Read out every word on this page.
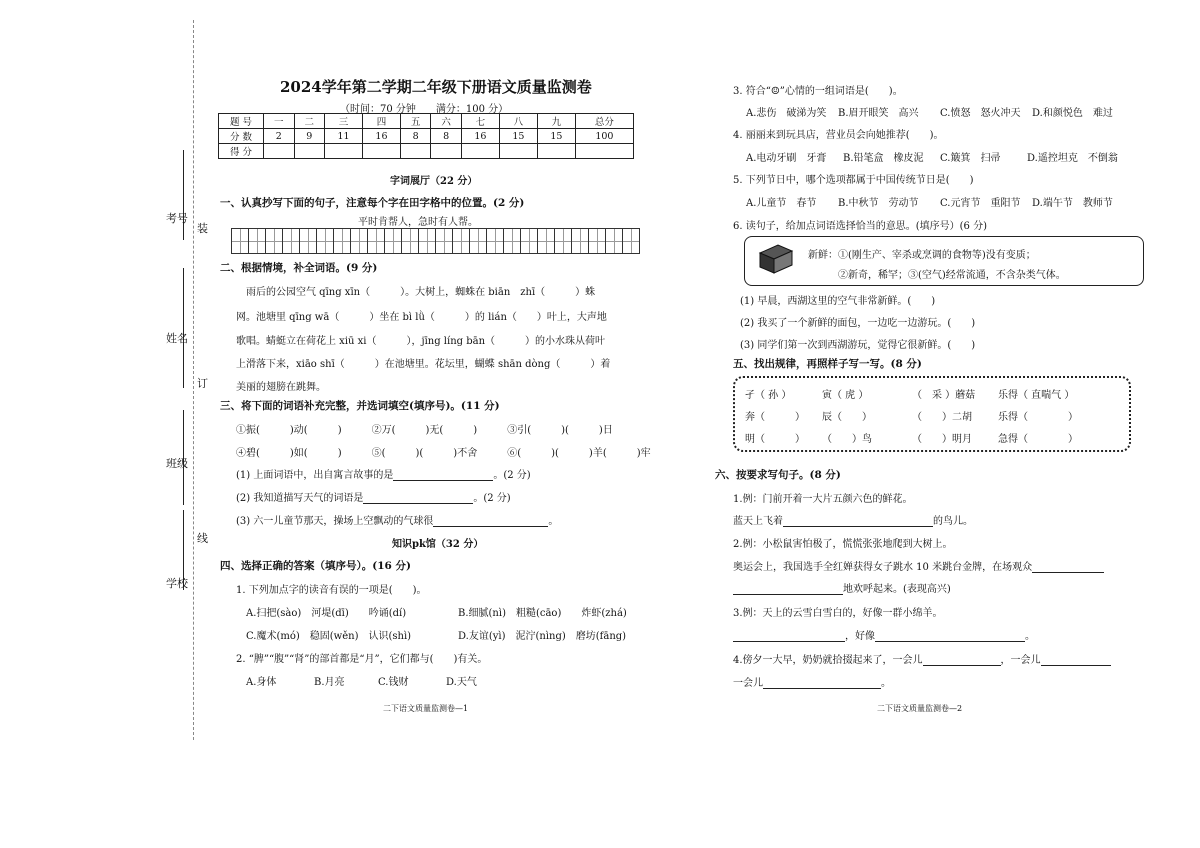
考号
姓名
班级
学校
装
订
线
2024学年第二学期二年级下册语文质量监测卷
（时间：70 分钟　　满分：100 分）
题 号	一	二	三	四	五	六	七	八	九	总分
分 数	2	9	11	16	8	8	16	15	15	100
得 分										
字词展厅（22 分）
一、认真抄写下面的句子，注意每个字在田字格中的位置。(2 分)
平时肯帮人，急时有人帮。
二、根据情境，补全词语。(9 分)
　　雨后的公园空气 qīng xīn（　　　）。大树上，蜘蛛在 biān　zhī（　　　）蛛
网。池塘里 qīng wā（　　　）坐在 bì lǜ（　　　）的 lián（　　）叶上，大声地
歌唱。蜻蜓立在荷花上 xiū xi（　　　），jīng líng bān（　　　）的小水珠从荷叶
上滑落下来，xiāo shī（　　　）在池塘里。花坛里，蝴蝶 shān dòng（　　　）着
美丽的翅膀在跳舞。
三、将下面的词语补充完整，并选词填空(填序号)。(11 分)
①振(　　　)动(　　　)　　　②万(　　　)无(　　　)　　　③引(　　　)(　　　)日
④碧(　　　)如(　　　)　　　⑤(　　　)(　　　)不舍　　　⑥(　　　)(　　　)羊(　　　)牢
(1) 上面词语中，出自寓言故事的是	。(2 分)
(2) 我知道描写天气的词语是	。(2 分)
(3) 六一儿童节那天，操场上空飘动的气球很	。
知识pk馆（32 分）
四、选择正确的答案（填序号）。(16 分)
1. 下列加点字的读音有误的一项是(　　)。
A.扫把(sào)　河堤(dī)　　吟诵(dí)	B.细腻(nì)　粗糙(cāo)　　炸虾(zhá)
C.魔术(mó)　稳固(wěn)　认识(shì)	D.友谊(yì)　泥泞(nìng)　磨坊(fāng)
2. “脾”“腹”“肾”的部首都是“月”，它们都与(　　)有关。
A.身体	B.月亮	C.钱财	D.天气
二下语文质量监测卷—1
3. 符合“☺”心情的一组词语是(　　)。
A.悲伤　破涕为笑 B.眉开眼笑　高兴 C.愤怒　怒火冲天 D.和颜悦色　难过
4. 丽丽来到玩具店，营业员会向她推荐(　　)。
A.电动牙刷　牙膏 B.铅笔盒　橡皮泥 C.簸箕　扫帚	D.遥控坦克　不倒翁
5. 下列节日中，哪个选项都属于中国传统节日是(　　)
A.儿童节　春节 B.中秋节　劳动节 C.元宵节　重阳节 D.端午节　教师节
6. 读句子，给加点词语选择恰当的意思。(填序号）(6 分)
新鲜：①(刚生产、宰杀或烹调的食物等)没有变质；
②新奇，稀罕；③(空气)经常流通，不含杂类气体。
(1) 早晨，西湖这里的空气非常新鲜。(　　)
(2) 我买了一个新鲜的面包，一边吃一边游玩。(　　)
(3) 同学们第一次到西湖游玩，觉得它很新鲜。(　　)
五、找出规律，再照样子写一写。(8 分)
孑（ 孙 ）	寅（ 虎 ）	（　采 ）蘑菇 乐得（ 直喘气 ）
奔（　　　） 辰（　　）	（　　）二胡	乐得（　　　　）
明（　　　） （　　）鸟	（　　）明月	急得（　　　　）
六、按要求写句子。(8 分)
1.例：门前开着一大片五颜六色的鲜花。
蓝天上飞着	的鸟儿。
2.例：小松鼠害怕极了，慌慌张张地爬到大树上。
奥运会上，我国选手全红婵获得女子跳水 10 米跳台金牌，在场观众
地欢呼起来。(表现高兴)
3.例：天上的云雪白雪白的，好像一群小绵羊。
，好像	。
4.傍夕一大早，奶奶就拾掇起来了，一会儿	，一会儿
一会儿	。
二下语文质量监测卷—2
